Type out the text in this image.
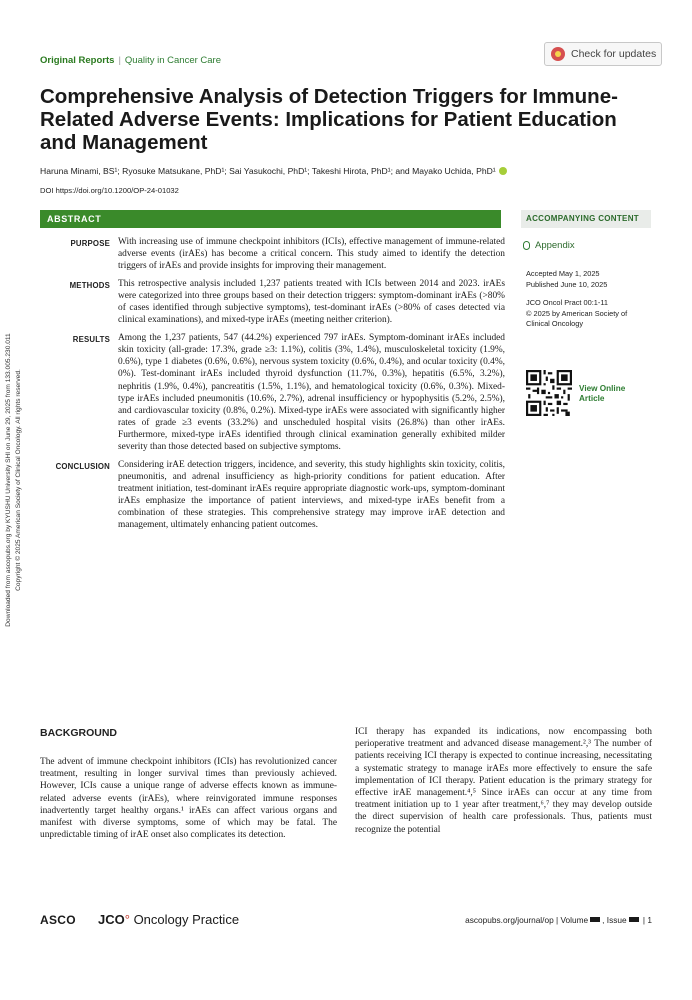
Downloaded from ascopubs.org by KYUSHU University SHI on June 29, 2025 from 133.005.230.011 Copyright © 2025 American Society of Clinical Oncology. All rights reserved.
Original Reports | Quality in Cancer Care
Check for updates
Comprehensive Analysis of Detection Triggers for Immune-Related Adverse Events: Implications for Patient Education and Management
Haruna Minami, BS¹; Ryosuke Matsukane, PhD¹; Sai Yasukochi, PhD¹; Takeshi Hirota, PhD¹; and Mayako Uchida, PhD¹
DOI https://doi.org/10.1200/OP-24-01032
ABSTRACT
PURPOSE With increasing use of immune checkpoint inhibitors (ICIs), effective management of immune-related adverse events (irAEs) has become a critical concern. This study aimed to identify the detection triggers of irAEs and provide insights for improving their management.
METHODS This retrospective analysis included 1,237 patients treated with ICIs between 2014 and 2023. irAEs were categorized into three groups based on their detection triggers: symptom-dominant irAEs (>80% of cases identified through subjective symptoms), test-dominant irAEs (>80% of cases detected via clinical examinations), and mixed-type irAEs (meeting neither criterion).
RESULTS Among the 1,237 patients, 547 (44.2%) experienced 797 irAEs. Symptom-dominant irAEs included skin toxicity (all-grade: 17.3%, grade ≥3: 1.1%), colitis (3%, 1.4%), musculoskeletal toxicity (1.9%, 0.6%), type 1 diabetes (0.6%, 0.6%), nervous system toxicity (0.6%, 0.4%), and ocular toxicity (0.4%, 0%). Test-dominant irAEs included thyroid dysfunction (11.7%, 0.3%), hepatitis (6.5%, 3.2%), nephritis (1.9%, 0.4%), pancreatitis (1.5%, 1.1%), and hematological toxicity (0.6%, 0.3%). Mixed-type irAEs included pneumonitis (10.6%, 2.7%), adrenal insufficiency or hypophysitis (5.2%, 2.5%), and cardiovascular toxicity (0.8%, 0.2%). Mixed-type irAEs were associated with significantly higher rates of grade ≥3 events (33.2%) and unscheduled hospital visits (26.8%) than other irAEs. Furthermore, mixed-type irAEs identified through clinical examination generally exhibited milder severity than those detected based on subjective symptoms.
CONCLUSION Considering irAE detection triggers, incidence, and severity, this study highlights skin toxicity, colitis, pneumonitis, and adrenal insufficiency as high-priority conditions for patient education. After treatment initiation, test-dominant irAEs require appropriate diagnostic work-ups, symptom-dominant irAEs emphasize the importance of patient interviews, and mixed-type irAEs benefit from a combination of these strategies. This comprehensive strategy may improve irAE detection and management, ultimately enhancing patient outcomes.
ACCOMPANYING CONTENT
Appendix
Accepted May 1, 2025
Published June 10, 2025
JCO Oncol Pract 00:1-11
© 2025 by American Society of Clinical Oncology
View Online Article
BACKGROUND
The advent of immune checkpoint inhibitors (ICIs) has revolutionized cancer treatment, resulting in longer survival times than previously achieved. However, ICIs cause a unique range of adverse effects known as immune-related adverse events (irAEs), where reinvigorated immune responses inadvertently target healthy organs.¹ irAEs can affect various organs and manifest with diverse symptoms, some of which may be fatal. The unpredictable timing of irAE onset also complicates its detection.
ICI therapy has expanded its indications, now encompassing both perioperative treatment and advanced disease management.²,³ The number of patients receiving ICI therapy is expected to continue increasing, necessitating a systematic strategy to manage irAEs more effectively to ensure the safe implementation of ICI therapy. Patient education is the primary strategy for effective irAE management.⁴,⁵ Since irAEs can occur at any time from treatment initiation up to 1 year after treatment,⁶,⁷ they may develop outside the direct supervision of health care professionals. Thus, patients must recognize the potential
ASCO JCO° Oncology Practice	ascopubs.org/journal/op | Volume , Issue | 1
